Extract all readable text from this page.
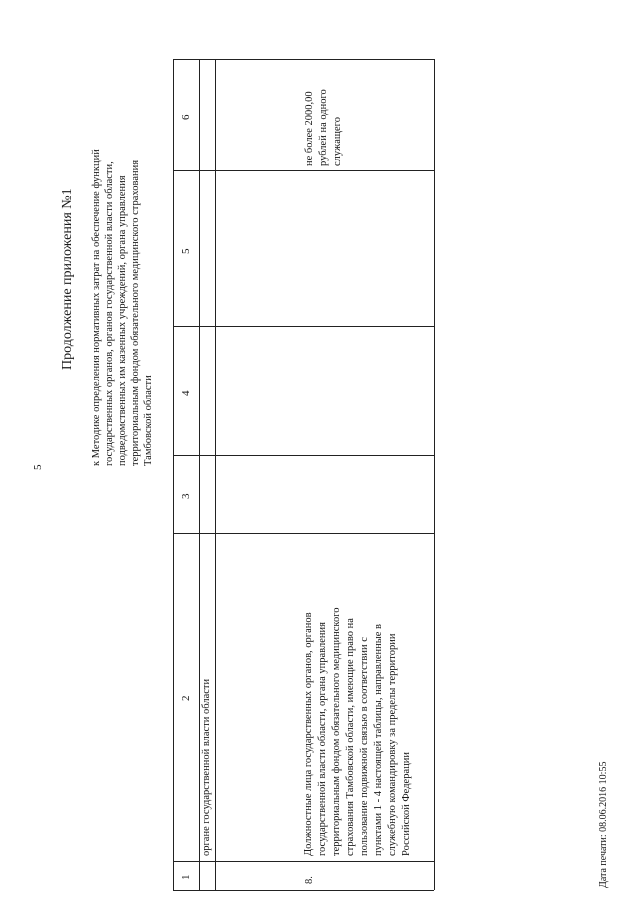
5
Продолжение приложения №1 к Методике определения нормативных затрат на обеспечение функций государственных органов, органов государственной власти области, подведомственных им казенных учреждений, органа управления территориальным фондом обязательного медицинского страхования Тамбовской области
1
2
3
4
5
6
органе государственной власти области
8.
Должностные лица государственных органов, органов государственной власти области, органа управления территориальным фондом обязательного медицинского страхования Тамбовской области, имеющие право на пользование подвижной связью в соответствии с пунктами 1 - 4 настоящей таблицы, направленные в служебную командировку за пределы территории Российской Федерации
не более 2000,00 рублей на одного служащего
Дата печати: 08.06.2016 10:55
